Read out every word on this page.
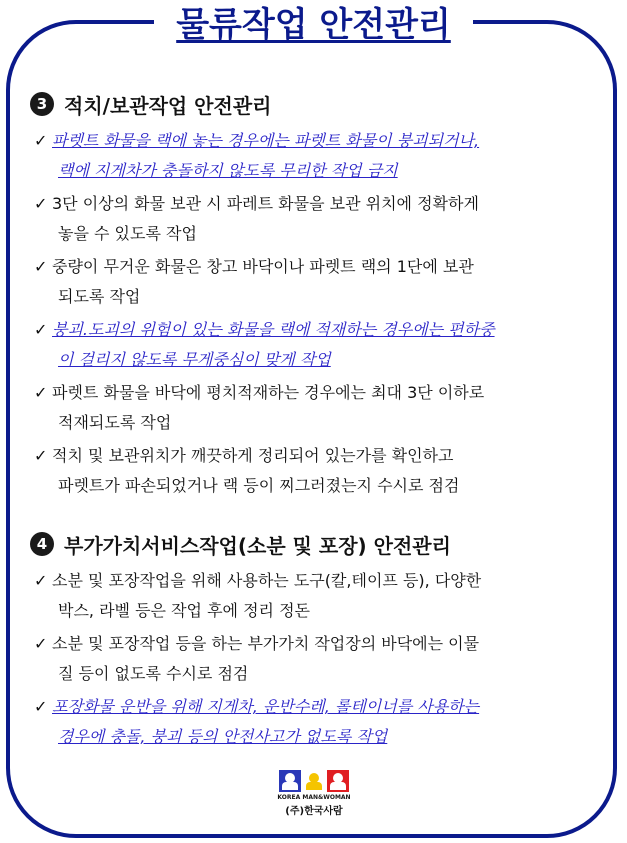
물류작업 안전관리
3 적치/보관작업 안전관리
✓ 파렛트 화물을 랙에 놓는 경우에는 파렛트 화물이 붕괴되거나,
랙에 지게차가 충돌하지 않도록 무리한 작업 금지
✓ 3단 이상의 화물 보관 시 파레트 화물을 보관 위치에 정확하게
놓을 수 있도록 작업
✓ 중량이 무거운 화물은 창고 바닥이나 파렛트 랙의 1단에 보관
되도록 작업
✓ 붕괴.도괴의 위험이 있는 화물을 랙에 적재하는 경우에는 편하중
이 걸리지 않도록 무게중심이 맞게 작업
✓ 파렛트 화물을 바닥에 평치적재하는 경우에는 최대 3단 이하로
적재되도록 작업
✓ 적치 및 보관위치가 깨끗하게 정리되어 있는가를 확인하고
파렛트가 파손되었거나 랙 등이 찌그러졌는지 수시로 점검
4 부가가치서비스작업(소분 및 포장) 안전관리
✓ 소분 및 포장작업을 위해 사용하는 도구(칼,테이프 등), 다양한
박스, 라벨 등은 작업 후에 정리 정돈
✓ 소분 및 포장작업 등을 하는 부가가치 작업장의 바닥에는 이물
질 등이 없도록 수시로 점검
✓ 포장화물 운반을 위해 지게차, 운반수레, 롤테이너를 사용하는
경우에 충돌, 붕괴 등의 안전사고가 없도록 작업
KOREA MAN&WOMAN
(주)한국사람
